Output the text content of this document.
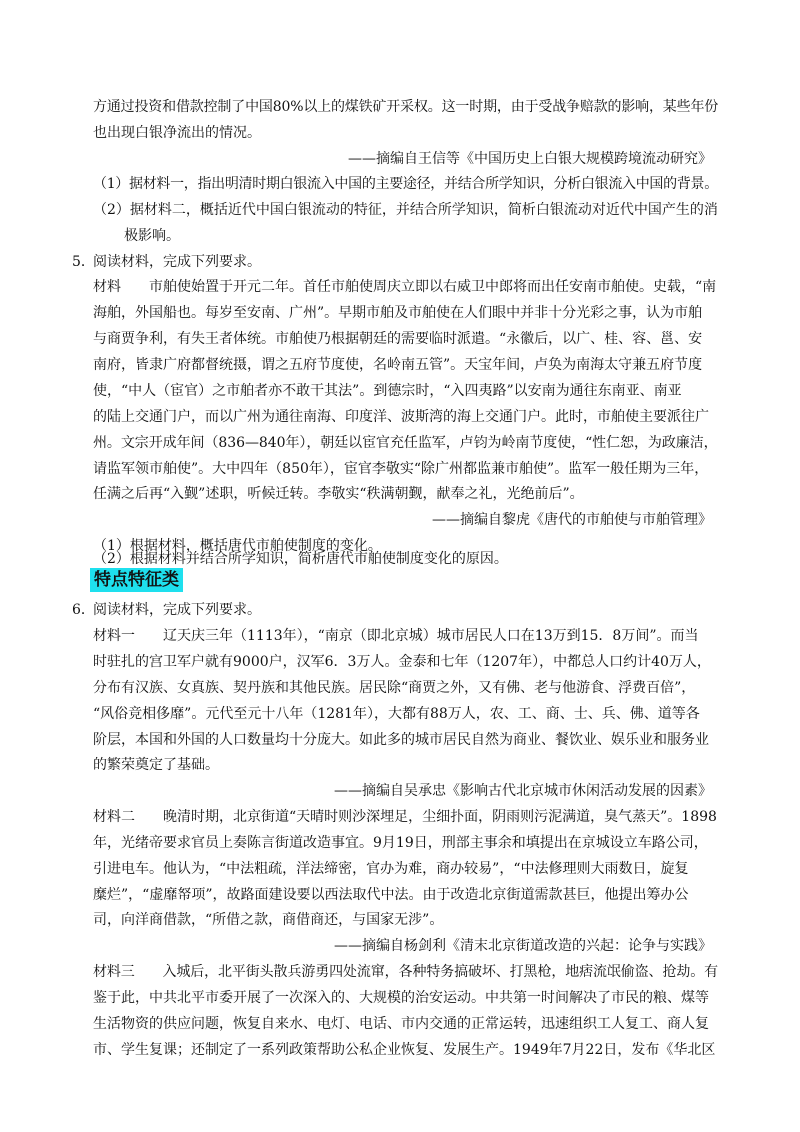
方通过投资和借款控制了中国80%以上的煤铁矿开采权。这一时期，由于受战争赔款的影响，某些年份
也出现白银净流出的情况。
——摘编自王信等《中国历史上白银大规模跨境流动研究》
（1）据材料一，指出明清时期白银流入中国的主要途径，并结合所学知识，分析白银流入中国的背景。
（2）据材料二，概括近代中国白银流动的特征，并结合所学知识，简析白银流动对近代中国产生的消
极影响。
5．
阅读材料，完成下列要求。
材料　　市舶使始置于开元二年。首任市舶使周庆立即以右威卫中郎将而出任安南市舶使。史载，“南
海舶，外国船也。每岁至安南、广州”。早期市舶及市舶使在人们眼中并非十分光彩之事，认为市舶
与商贾争利，有失王者体统。市舶使乃根据朝廷的需要临时派遣。“永徽后，以广、桂、容、邕、安
南府，皆隶广府都督统摄，谓之五府节度使，名岭南五管”。天宝年间，卢奂为南海太守兼五府节度
使，“中人（宦官）之市舶者亦不敢干其法”。到德宗时，“入四夷路”以安南为通往东南亚、南亚
的陆上交通门户，而以广州为通往南海、印度洋、波斯湾的海上交通门户。此时，市舶使主要派往广
州。文宗开成年间（836—840年），朝廷以宦官充任监军，卢钧为岭南节度使，“性仁恕，为政廉洁，
请监军领市舶使”。大中四年（850年），宦官李敬实“除广州都监兼市舶使”。监军一般任期为三年，
任满之后再“入觐”述职，听候迁转。李敬实“秩满朝觐，献奉之礼，光绝前后”。
——摘编自黎虎《唐代的市舶使与市舶管理》
（1）根据材料，概括唐代市舶使制度的变化。
（2）根据材料并结合所学知识，简析唐代市舶使制度变化的原因。
特点特征类
6．
阅读材料，完成下列要求。
材料一　　辽天庆三年（1113年），“南京（即北京城）城市居民人口在13万到15．8万间”。而当
时驻扎的宫卫军户就有9000户，汉军6．3万人。金泰和七年（1207年），中都总人口约计40万人，
分布有汉族、女真族、契丹族和其他民族。居民除“商贾之外，又有佛、老与他游食、浮费百倍”，
“风俗竞相侈靡”。元代至元十八年（1281年），大都有88万人，农、工、商、士、兵、佛、道等各
阶层，本国和外国的人口数量均十分庞大。如此多的城市居民自然为商业、餐饮业、娱乐业和服务业
的繁荣奠定了基础。
——摘编自吴承忠《影响古代北京城市休闲活动发展的因素》
材料二　　晚清时期，北京街道“天晴时则沙深埋足，尘细扑面，阴雨则污泥满道，臭气蒸天”。1898
年，光绪帝要求官员上奏陈言街道改造事宜。9月19日，刑部主事余和填提出在京城设立车路公司，
引进电车。他认为，“中法粗疏，洋法缔密，官办为难，商办较易”，“中法修理则大雨数日，旋复
糜烂”，“虚靡帑项”，故路面建设要以西法取代中法。由于改造北京街道需款甚巨，他提出筹办公
司，向洋商借款，“所借之款，商借商还，与国家无涉”。
——摘编自杨剑利《清末北京街道改造的兴起：论争与实践》
材料三　　入城后，北平街头散兵游勇四处流窜，各种特务搞破坏、打黑枪，地痞流氓偷盗、抢劫。有
鉴于此，中共北平市委开展了一次深入的、大规模的治安运动。中共第一时间解决了市民的粮、煤等
生活物资的供应问题，恢复自来水、电灯、电话、市内交通的正常运转，迅速组织工人复工、商人复
市、学生复课；还制定了一系列政策帮助公私企业恢复、发展生产。1949年7月22日，发布《华北区
